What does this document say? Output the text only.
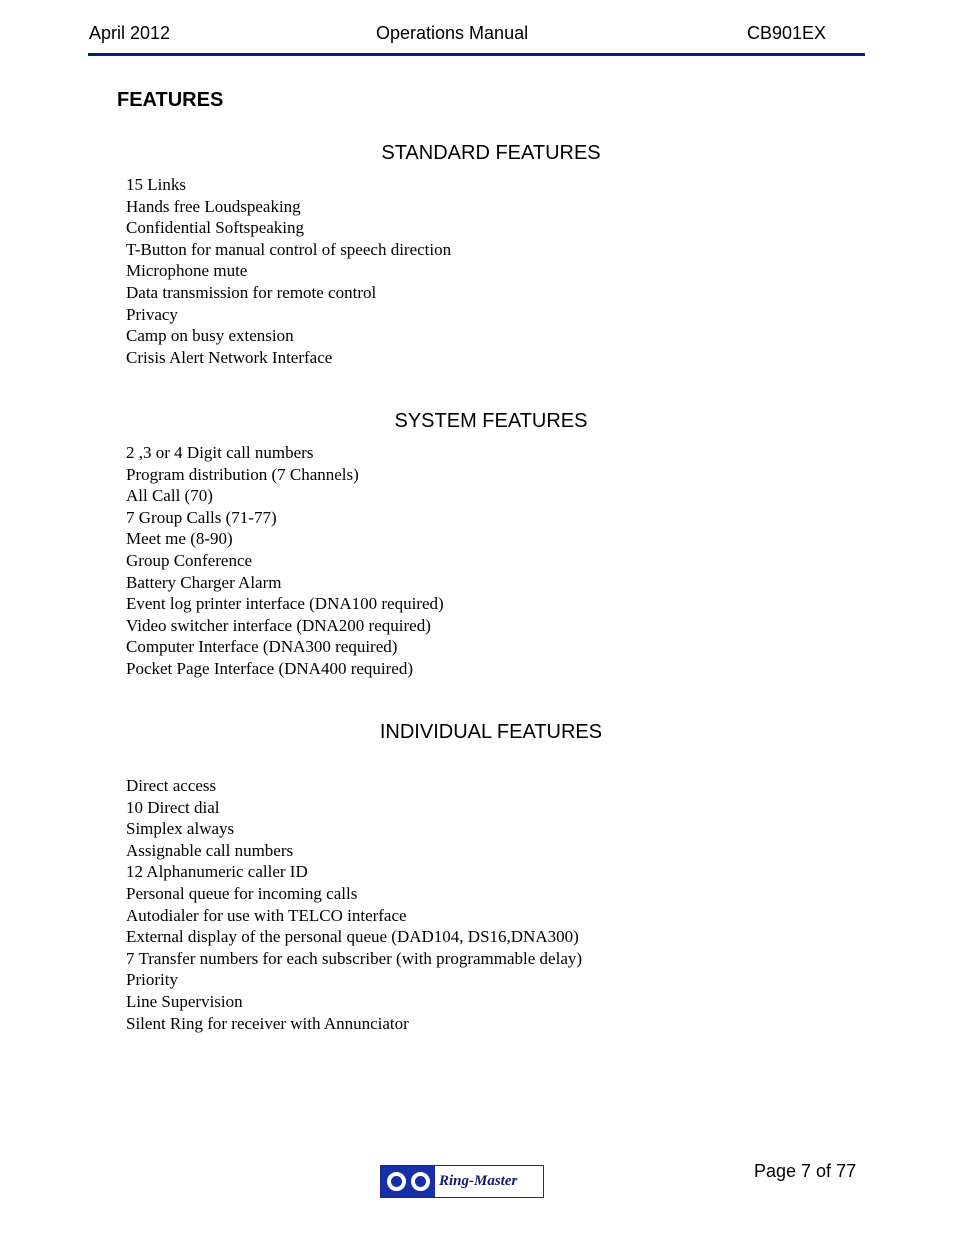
April 2012	Operations Manual	CB901EX
FEATURES
STANDARD FEATURES
15 Links
Hands free Loudspeaking
Confidential Softspeaking
T-Button for manual control of speech direction
Microphone mute
Data transmission for remote control
Privacy
Camp on busy extension
Crisis Alert Network Interface
SYSTEM FEATURES
2 ,3 or 4 Digit call numbers
Program distribution (7 Channels)
All Call (70)
7 Group Calls (71-77)
Meet me (8-90)
Group Conference
Battery Charger Alarm
Event log printer interface (DNA100 required)
Video switcher interface (DNA200 required)
Computer Interface (DNA300 required)
Pocket Page Interface (DNA400 required)
INDIVIDUAL FEATURES
Direct access
10 Direct dial
Simplex always
Assignable call numbers
12 Alphanumeric caller ID
Personal queue for incoming calls
Autodialer for use with TELCO interface
External display of the personal queue (DAD104, DS16,DNA300)
7 Transfer numbers for each subscriber (with programmable delay)
Priority
Line Supervision
Silent Ring for receiver with Annunciator
Page 7 of 77
Ring-Master
